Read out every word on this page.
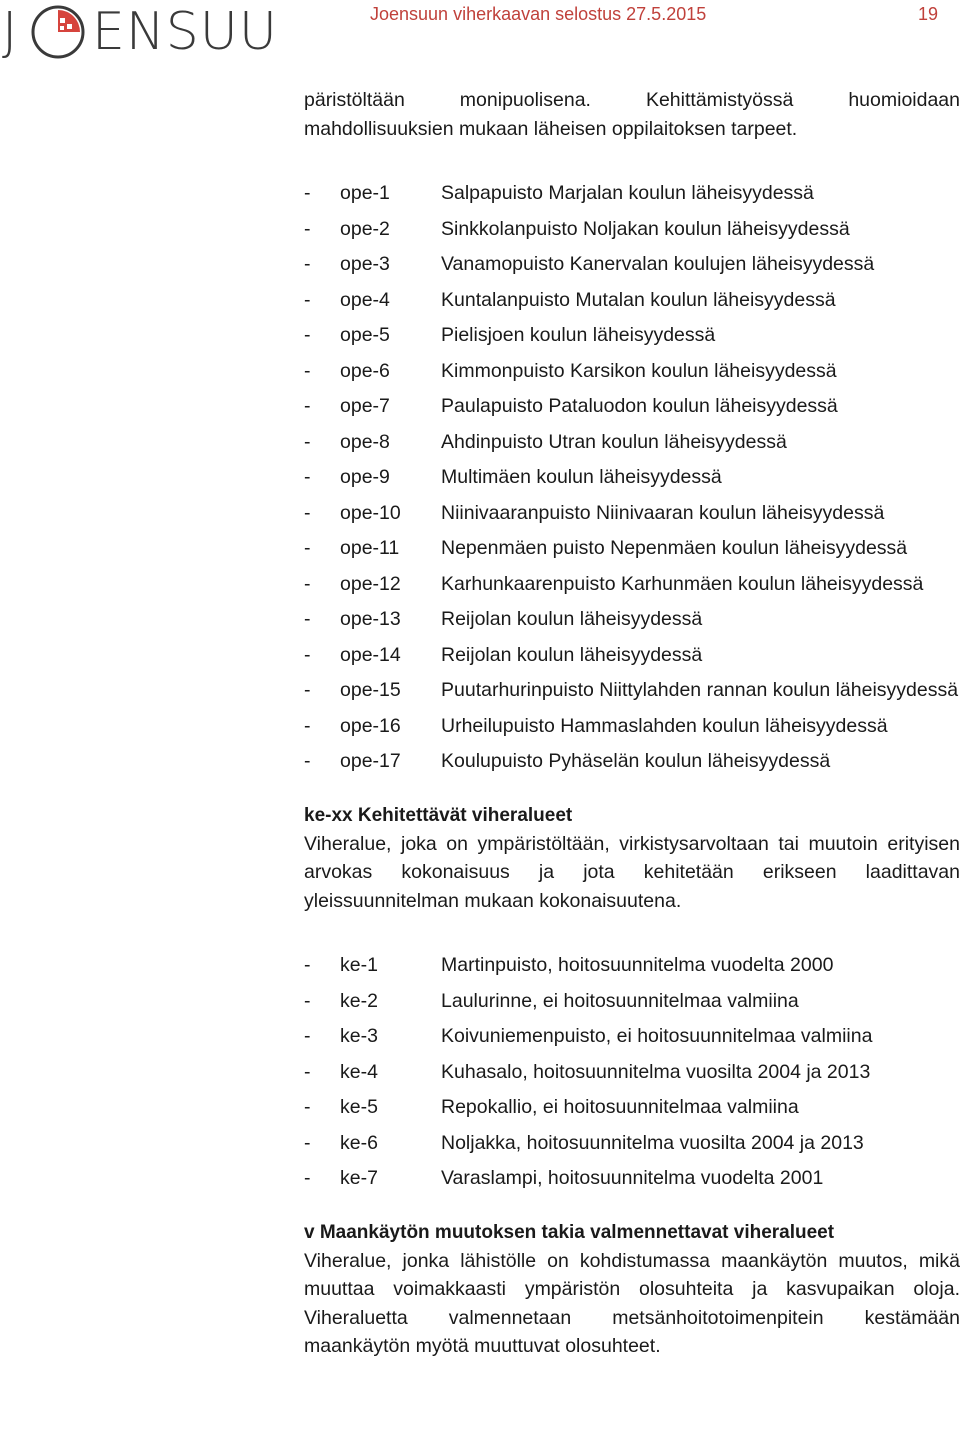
J ENSUU	Joensuun viherkaavan selostus 27.5.2015	19

päristöltään monipuolisena. Kehittämistyössä huomioidaan mahdollisuuksien mukaan läheisen oppilaitoksen tarpeet.

-	ope-1	Salpapuisto Marjalan koulun läheisyydessä
-	ope-2	Sinkkolanpuisto Noljakan koulun läheisyydessä
-	ope-3	Vanamopuisto Kanervalan koulujen läheisyydessä
-	ope-4	Kuntalanpuisto Mutalan koulun läheisyydessä
-	ope-5	Pielisjoen koulun läheisyydessä
-	ope-6	Kimmonpuisto Karsikon koulun läheisyydessä
-	ope-7	Paulapuisto Pataluodon koulun läheisyydessä
-	ope-8	Ahdinpuisto Utran koulun läheisyydessä
-	ope-9	Multimäen koulun läheisyydessä
-	ope-10 Niinivaaranpuisto Niinivaaran koulun läheisyydessä
-	ope-11 Nepenmäen puisto Nepenmäen koulun läheisyydessä
-	ope-12 Karhunkaarenpuisto Karhunmäen koulun läheisyydessä
-	ope-13 Reijolan koulun läheisyydessä
-	ope-14 Reijolan koulun läheisyydessä
-	ope-15 Puutarhurinpuisto Niittylahden rannan koulun läheisyydessä
-	ope-16 Urheilupuisto Hammaslahden koulun läheisyydessä
-	ope-17 Koulupuisto Pyhäselän koulun läheisyydessä
ke-xx Kehitettävät viheralueet

Viheralue, joka on ympäristöltään, virkistysarvoltaan tai muutoin erityisen arvokas kokonaisuus ja jota kehitetään erikseen laadittavan yleissuunnitelman mukaan kokonaisuutena.

-	ke-1	Martinpuisto, hoitosuunnitelma vuodelta 2000
-	ke-2	Laulurinne, ei hoitosuunnitelmaa valmiina
-	ke-3	Koivuniemenpuisto, ei hoitosuunnitelmaa valmiina
-	ke-4	Kuhasalo, hoitosuunnitelma vuosilta 2004 ja 2013
-	ke-5	Repokallio, ei hoitosuunnitelmaa valmiina
-	ke-6	Noljakka, hoitosuunnitelma vuosilta 2004 ja 2013
-	ke-7	Varaslampi, hoitosuunnitelma vuodelta 2001
v Maankäytön muutoksen takia valmennettavat viheralueet

Viheralue, jonka lähistölle on kohdistumassa maankäytön muutos, mikä muuttaa voimakkaasti ympäristön olosuhteita ja kasvupaikan oloja. Viheraluetta valmennetaan metsänhoitotoimenpitein kestämään maankäytön myötä muuttuvat olosuhteet.
